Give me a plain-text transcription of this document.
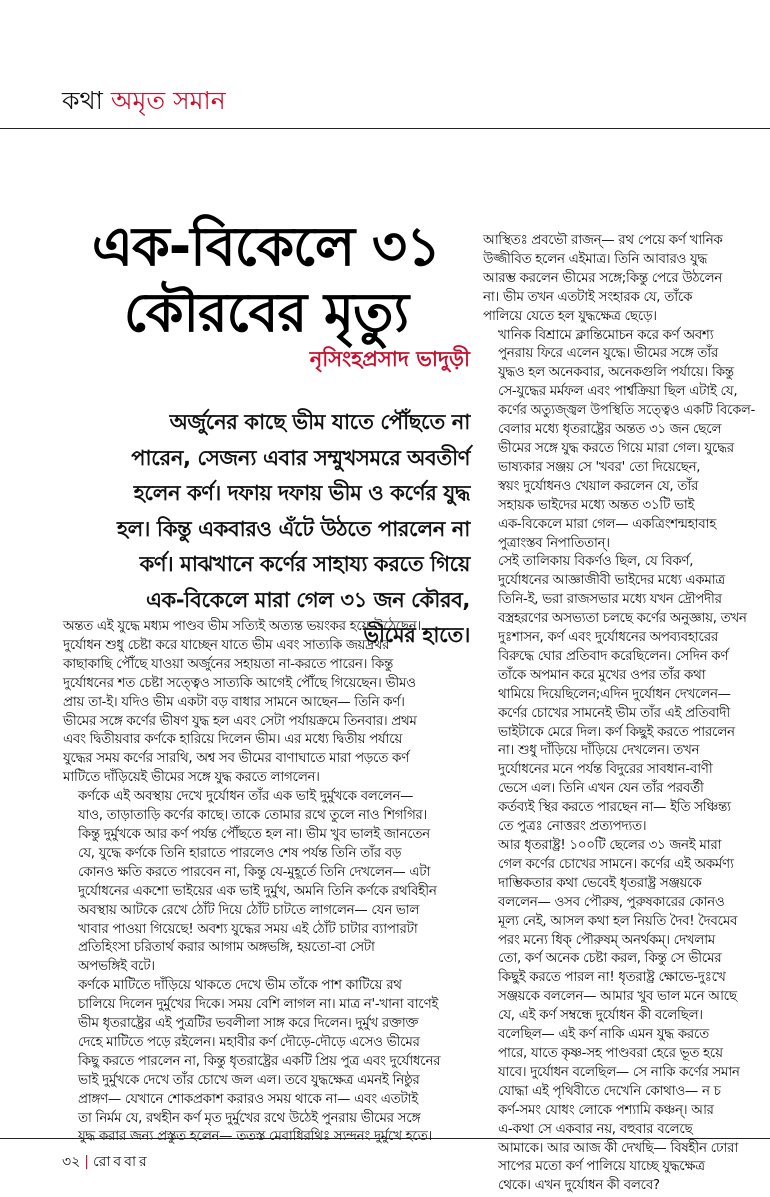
কথা অমৃত সমান
এক-বিকেলে ৩১
কৌরবের মৃত্যু
নৃসিংহপ্রসাদ ভাদুড়ী

অর্জুনের কাছে ভীম যাতে পৌঁছতে না
পারেন, সেজন্য এবার সম্মুখসমরে অবতীর্ণ
হলেন কর্ণ। দফায় দফায় ভীম ও কর্ণের যুদ্ধ
হল। কিন্তু একবারও এঁটে উঠতে পারলেন না
কর্ণ। মাঝখানে কর্ণের সাহায্য করতে গিয়ে
এক-বিকেলে মারা গেল ৩১ জন কৌরব,
ভীমের হাতে।

অন্তত এই যুদ্ধে মধ্যম পাণ্ডব ভীম সত্যিই অত্যন্ত ভয়ংকর হয়ে উঠেছেন।
দুর্যোধন শুধু চেষ্টা করে যাচ্ছেন যাতে ভীম এবং সাত্যকি জয়দ্রথর
কাছাকাছি পৌঁছে যাওয়া অর্জুনের সহায়তা না-করতে পারেন। কিন্তু
দুর্যোধনের শত চেষ্টা সত্ত্বেও সাত্যকি আগেই পৌঁছে গিয়েছেন। ভীমও
প্রায় তা-ই। যদিও ভীম একটা বড় বাধার সামনে আছেন— তিনি কর্ণ।
ভীমের সঙ্গে কর্ণের ভীষণ যুদ্ধ হল এবং সেটা পর্যায়ক্রমে তিনবার। প্রথম
এবং দ্বিতীয়বার কর্ণকে হারিয়ে দিলেন ভীম। এর মধ্যে দ্বিতীয় পর্যায়ে
যুদ্ধের সময় কর্ণের সারথি, অশ্ব সব ভীমের বাণাঘাতে মারা পড়তে কর্ণ
মাটিতে দাঁড়িয়েই ভীমের সঙ্গে যুদ্ধ করতে লাগলেন।

কর্ণকে এই অবস্থায় দেখে দুর্যোধন তাঁর এক ভাই দুর্মুখকে বললেন—
যাও, তাড়াতাড়ি কর্ণের কাছে। তাকে তোমার রথে তুলে নাও শিগগির।
কিন্তু দুর্মুখকে আর কর্ণ পর্যন্ত পৌঁছতে হল না। ভীম খুব ভালই জানতেন
যে, যুদ্ধে কর্ণকে তিনি হারাতে পারলেও শেষ পর্যন্ত তিনি তাঁর বড়
কোনও ক্ষতি করতে পারবেন না, কিন্তু যে-মুহূর্তে তিনি দেখলেন— এটা
দুর্যোধনের একশো ভাইয়ের এক ভাই দুর্মুখ, অমনি তিনি কর্ণকে রথবিহীন
অবস্থায় আটকে রেখে ঠোঁট দিয়ে ঠোঁট চাটতে লাগলেন— যেন ভাল
খাবার পাওয়া গিয়েছে! অবশ্য যুদ্ধের সময় এই ঠোঁট চাটার ব্যাপারটা
প্রতিহিংসা চরিতার্থ করার আগাম অঙ্গভঙ্গি, হয়তো-বা সেটা
অপভঙ্গিই বটে।

কর্ণকে মাটিতে দাঁড়িয়ে থাকতে দেখে ভীম তাঁকে পাশ কাটিয়ে রথ
চালিয়ে দিলেন দুর্মুখের দিকে। সময় বেশি লাগল না। মাত্র ন'-খানা বাণেই
ভীম ধৃতরাষ্ট্রের এই পুত্রটির ভবলীলা সাঙ্গ করে দিলেন। দুর্মুখ রক্তাক্ত
দেহে মাটিতে পড়ে রইলেন। মহাবীর কর্ণ দৌড়ে-দৌড়ে এসেও ভীমের
কিছু করতে পারলেন না, কিন্তু ধৃতরাষ্ট্রের একটি প্রিয় পুত্র এবং দুর্যোধনের
ভাই দুর্মুখকে দেখে তাঁর চোখে জল এল। তবে যুদ্ধক্ষেত্র এমনই নিষ্ঠুর
প্রাঙ্গণ— যেখানে শোকপ্রকাশ করারও সময় থাকে না— এবং এতটাই
তা নির্মম যে, রথহীন কর্ণ মৃত দুর্মুখের রথে উঠেই পুনরায় ভীমের সঙ্গে
যুদ্ধ করার জন্য প্রস্তুত হলেন— ততস্ত মেবাধিরথিঃ স্যন্দনং দুর্মুখে হতে।

আস্থিতঃ প্রবভৌ রাজন্— রথ পেয়ে কর্ণ খানিক
উজ্জীবিত হলেন এইমাত্র। তিনি আবারও যুদ্ধ
আরম্ভ করলেন ভীমের সঙ্গে;কিন্তু পেরে উঠলেন
না। ভীম তখন এতটাই সংহারক যে, তাঁকে
পালিয়ে যেতে হল যুদ্ধক্ষেত্র ছেড়ে।

খানিক বিশ্রামে ক্লান্তিমোচন করে কর্ণ অবশ্য
পুনরায় ফিরে এলেন যুদ্ধে। ভীমের সঙ্গে তাঁর
যুদ্ধও হল অনেকবার, অনেকগুলি পর্যায়ে। কিন্তু
সে-যুদ্ধের মর্মফল এবং পার্শ্বক্রিয়া ছিল এটাই যে,
কর্ণের অত্যুজ্জ্বল উপস্থিতি সত্ত্বেও একটি বিকেল-
বেলার মধ্যে ধৃতরাষ্ট্রের অন্তত ৩১ জন ছেলে
ভীমের সঙ্গে যুদ্ধ করতে গিয়ে মারা গেল। যুদ্ধের
ভাষ্যকার সঞ্জয় সে 'খবর' তো দিয়েছেন,
স্বয়ং দুর্যোধনও খেয়াল করলেন যে, তাঁর
সহায়ক ভাইদের মধ্যে অন্তত ৩১টি ভাই
এক-বিকেলে মারা গেল— একত্রিংশন্মহাবাহ
পুত্রাংস্তব নিপাতিতান্।

সেই তালিকায় বিকর্ণও ছিল, যে বিকর্ণ,
দুর্যোধনের আজ্ঞাজীবী ভাইদের মধ্যে একমাত্র
তিনি-ই, ভরা রাজসভার মধ্যে যখন দ্রৌপদীর
বস্ত্রহরণের অসভ্যতা চলছে কর্ণের অনুজ্ঞায়, তখন
দুঃশাসন, কর্ণ এবং দুর্যোধনের অপব্যবহারের
বিরুদ্ধে ঘোর প্রতিবাদ করেছিলেন। সেদিন কর্ণ
তাঁকে অপমান করে মুখের ওপর তাঁর কথা
থামিয়ে দিয়েছিলেন;এদিন দুর্যোধন দেখলেন—
কর্ণের চোখের সামনেই ভীম তাঁর এই প্রতিবাদী
ভাইটাকে মেরে দিল। কর্ণ কিছুই করতে পারলেন
না। শুধু দাঁড়িয়ে দাঁড়িয়ে দেখলেন। তখন
দুর্যোধনের মনে পর্যন্ত বিদুরের সাবধান-বাণী
ভেসে এল। তিনি এখন যেন তাঁর পরবর্তী
কর্তব্যই স্থির করতে পারছেন না— ইতি সঞ্চিন্ত্য
তে পুত্রঃ নোত্তরং প্রত্যপদ্যত।

আর ধৃতরাষ্ট্র! ১০০টি ছেলের ৩১ জনই মারা
গেল কর্ণের চোখের সামনে। কর্ণের এই অকর্মণ্য
দাম্ভিকতার কথা ভেবেই ধৃতরাষ্ট্র সঞ্জয়কে
বললেন— ওসব পৌরুষ, পুরুষকারের কোনও
মূল্য নেই, আসল কথা হল নিয়তি দৈব! দৈবমেব
পরং মন্যে ধিক্ পৌরুষম্ অনর্থকম্। দেখলাম
তো, কর্ণ অনেক চেষ্টা করল, কিন্তু সে ভীমের
কিছুই করতে পারল না! ধৃতরাষ্ট্র ক্ষোভে-দুঃখে
সঞ্জয়কে বললেন— আমার খুব ভাল মনে আছে
যে, এই কর্ণ সম্বন্ধে দুর্যোধন কী বলেছিল।
বলেছিল— এই কর্ণ নাকি এমন যুদ্ধ করতে
পারে, যাতে কৃষ্ণ-সহ পাণ্ডবরা হেরে ভূত হয়ে
যাবে। দুর্যোধন বলেছিল— সে নাকি কর্ণের সমান
যোদ্ধা এই পৃথিবীতে দেখেনি কোথাও— ন চ
কর্ণ-সমং যোধং লোকে পশ্যামি কঞ্চন্। আর
এ-কথা সে একবার নয়, বহুবার বলেছে
আমাকে। আর আজ কী দেখছি— বিষহীন ঢোরা
সাপের মতো কর্ণ পালিয়ে যাচ্ছে যুদ্ধক্ষেত্র
থেকে। এখন দুর্যোধন কী বলবে?

৩২ | রোববার
